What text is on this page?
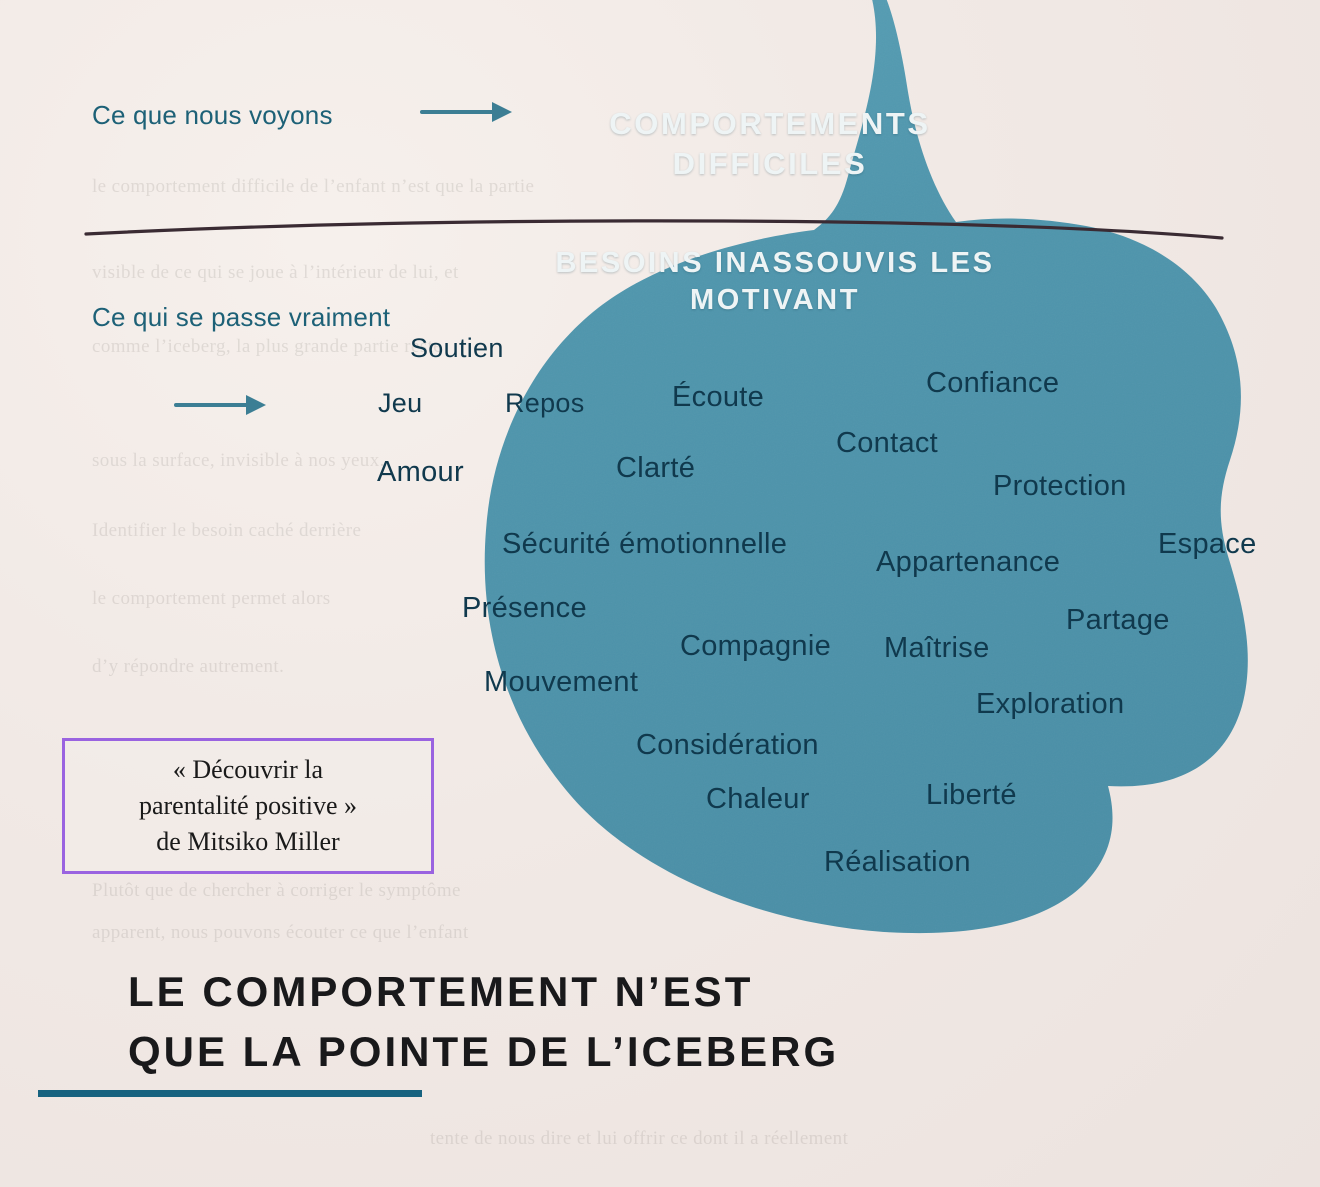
le comportement difficile de l’enfant n’est que la partie
visible de ce qui se joue à l’intérieur de lui, et
comme l’iceberg, la plus grande partie reste
sous la surface, invisible à nos yeux.
Identifier le besoin caché derrière
le comportement permet alors
d’y répondre autrement.
Plutôt que de chercher à corriger le symptôme
apparent, nous pouvons écouter ce que l’enfant
tente de nous dire et lui offrir ce dont il a réellement
COMPORTEMENTS DIFFICILES
BESOINS INASSOUVIS LES MOTIVANT
Soutien
Jeu	Repos	Écoute	Confiance
Contact
Amour	Clarté
Protection
Sécurité émotionnelle
Appartenance
Espace
Présence	Partage
Compagnie Maîtrise
Mouvement
Exploration
Considération
Chaleur	Liberté
Réalisation
Ce que nous voyons
Ce qui se passe vraiment
« Découvrir la
parentalité positive »
de Mitsiko Miller
LE COMPORTEMENT N’EST
QUE LA POINTE DE L’ICEBERG
